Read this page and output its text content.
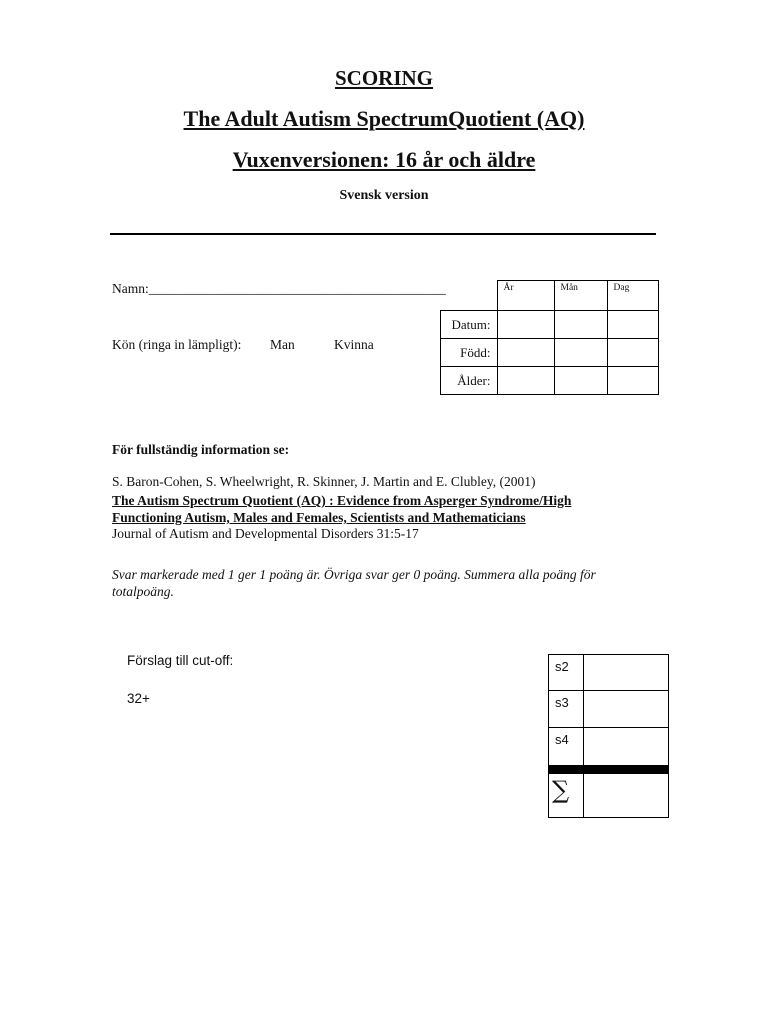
SCORING
The Adult Autism SpectrumQuotient (AQ)
Vuxenversionen: 16 år och äldre
Svensk version
Namn:____________________________________________
Kön (ringa in lämpligt): Man	Kvinna
	År	Mån	Dag
Datum:			
Född:			
Ålder:			
För fullständig information se:
S. Baron-Cohen, S. Wheelwright, R. Skinner, J. Martin and E. Clubley, (2001)
The Autism Spectrum Quotient (AQ) : Evidence from Asperger Syndrome/High
Functioning Autism, Males and Females, Scientists and Mathematicians
Journal of Autism and Developmental Disorders 31:5-17
Svar markerade med 1 ger 1 poäng är. Övriga svar ger 0 poäng. Summera alla poäng för
totalpoäng.
Förslag till cut-off:
32+
s2	
s3	
s4	

∑	
